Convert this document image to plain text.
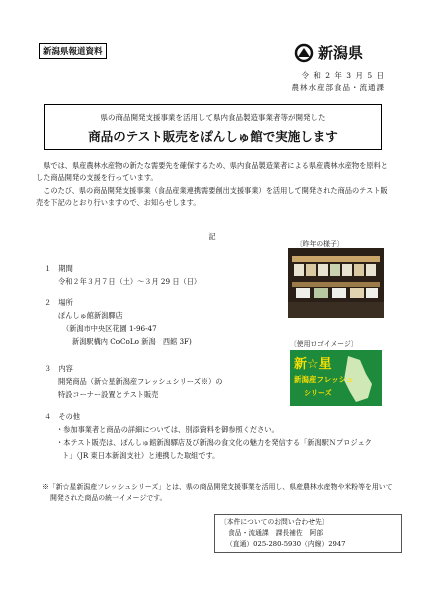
新潟県報道資料	新潟県
令 和 2 年 3 月 5 日
農林水産部食品・流通課
県の商品開発支援事業を活用して県内食品製造事業者等が開発した
商品のテスト販売をぽんしゅ館で実施します
　県では、県産農林水産物の新たな需要先を確保するため、県内食品製造業者による県産農林水産物を原料とした商品開発の支援を行っています。
　このたび、県の商品開発支援事業（食品産業連携需要創出支援事業）を活用して開発された商品のテスト販売を下記のとおり行いますので、お知らせします。
記
〔昨年の様子〕
１　期間
令和２年３月７日（土）～３月 29 日（日）
２　場所
ぽんしゅ館新潟驛店
（新潟市中央区花園 1-96-47
新潟駅構内 CoCoLo 新潟　西館 3F)	〔使用ロゴイメージ〕
新☆星
新潟産フレッシュ
シリーズ
３　内容
開発商品（新☆星新潟産フレッシュシリーズ※）の
特設コーナー設置とテスト販売
４　その他
・参加事業者と商品の詳細については、別添資料を御参照ください。
・本テスト販売は、ぽんしゅ館新潟驛店及び新潟の食文化の魅力を発信する「新潟駅Ｎプロジェクト」（JR 東日本新潟支社）と連携した取組です。
※「新☆星新潟産フレッシュシリーズ」とは、県の商品開発支援事業を活用し、県産農林水産物や米粉等を用いて開発された商品の統一イメージです。
〔本件についてのお問い合わせ先〕
食品・流通課　課長補佐　阿部
（直通）025-280-5930（内線）2947
